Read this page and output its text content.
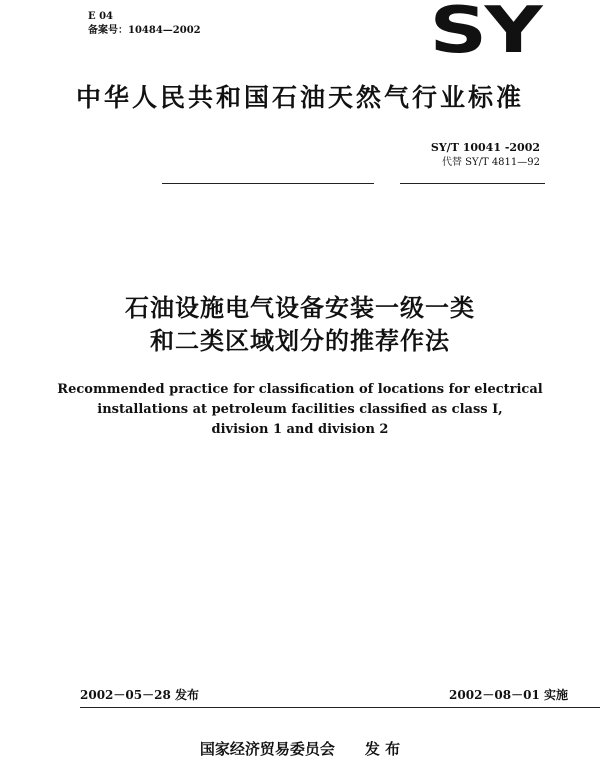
E 04
备案号：10484—2002	SY
中华人民共和国石油天然气行业标准
SY/T 10041 -2002
代替 SY/T 4811—92
石油设施电气设备安装一级一类
和二类区域划分的推荐作法
Recommended practice for classification of locations for electrical
installations at petroleum facilities classified as class Ⅰ,
division 1 and division 2
2002－05－28 发布	2002－08－01 实施
国家经济贸易委员会 发 布
